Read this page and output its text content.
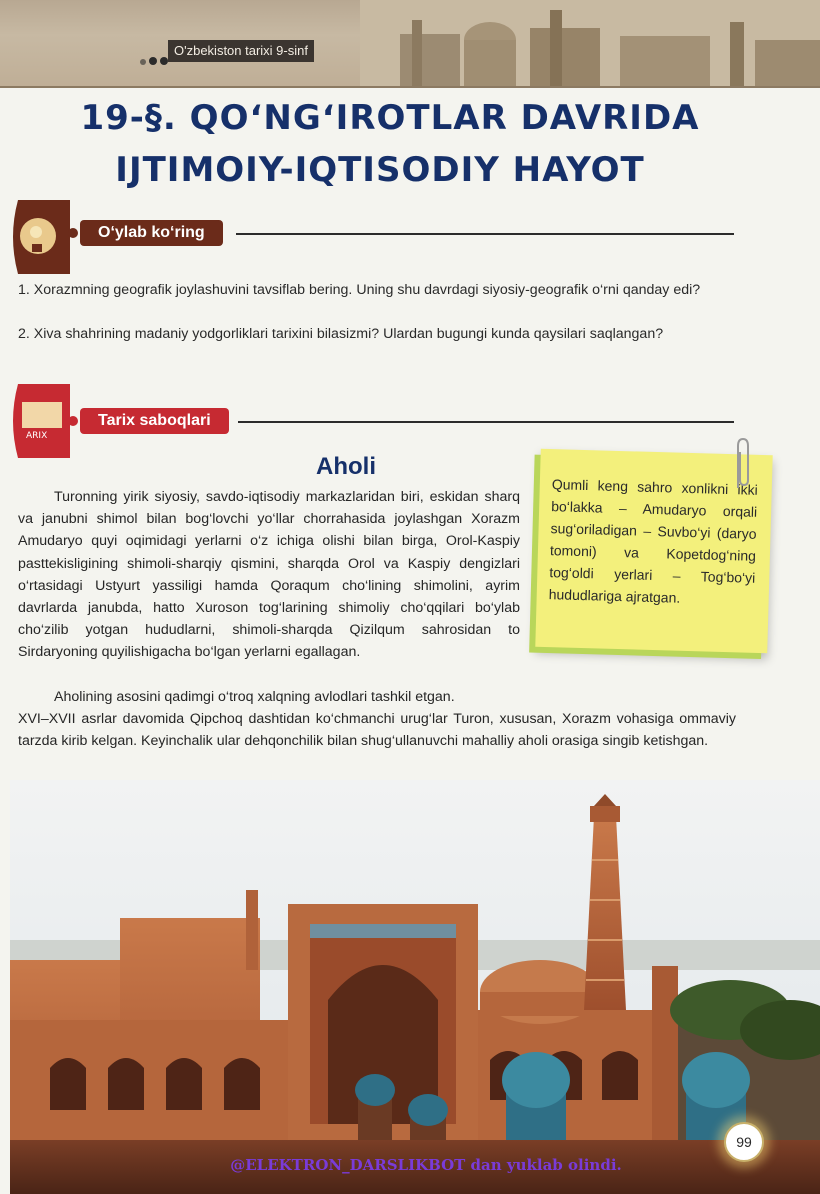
O'zbekiston tarixi 9-sinf
19-§. QO‘NG‘IROTLAR DAVRIDA
IJTIMOIY-IQTISODIY HAYOT
O‘ylab ko‘ring
1. Xorazmning geografik joylashuvini tavsiflab bering. Uning shu davrdagi siyosiy-geografik o‘rni qanday edi?
2. Xiva shahrining madaniy yodgorliklari tarixini bilasizmi? Ulardan bugungi kunda qaysilari saqlangan?
ARIX
Tarix saboqlari
Aholi
Turonning yirik siyosiy, savdo-iqtisodiy markazlaridan biri, eskidan sharq va janubni shimol bilan bog‘lovchi yo‘llar chorrahasida joylashgan Xorazm Amudaryo quyi oqimidagi yerlarni o‘z ichiga olishi bilan birga, Orol-Kaspiy pasttekisligining shimoli-sharqiy qismini, sharqda Orol va Kaspiy dengizlari o‘rtasidagi Ustyurt yassiligi hamda Qoraqum cho‘lining shimolini, ayrim davrlarda janubda, hatto Xuroson tog‘larining shimoliy cho‘qqilari bo‘ylab cho‘zilib yotgan hududlarni, shimoli-sharqda Qizilqum sahrosidan to Sirdaryoning quyilishigacha bo‘lgan yerlarni egallagan.
Aholining asosini qadimgi o‘troq xalqning avlodlari tashkil etgan.
XVI–XVII asrlar davomida Qipchoq dashtidan ko‘chmanchi urug‘lar Turon, xususan, Xorazm vohasiga ommaviy tarzda kirib kelgan. Keyinchalik ular dehqonchilik bilan shug‘ullanuvchi mahalliy aholi orasiga singib ketishgan.
Qumli keng sahro xonlikni ikki bo‘lakka – Amudaryo orqali sug‘oriladigan – Suvbo‘yi (daryo tomoni) va Kopetdog‘ning tog‘oldi yerlari – Tog‘bo‘yi hududlariga ajratgan.
99
@ELEKTRON_DARSLIKBOT dan yuklab olindi.
